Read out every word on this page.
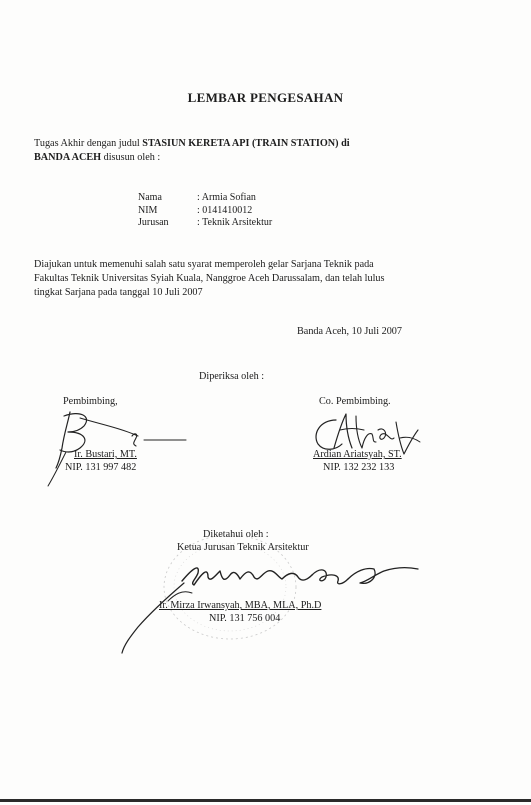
LEMBAR PENGESAHAN
Tugas Akhir dengan judul STASIUN KERETA API (TRAIN STATION) di
BANDA ACEH disusun oleh :
Nama	: Armia Sofian
NIM	: 0141410012
Jurusan	: Teknik Arsitektur
Diajukan untuk memenuhi salah satu syarat memperoleh gelar Sarjana Teknik pada
Fakultas Teknik Universitas Syiah Kuala, Nanggroe Aceh Darussalam, dan telah lulus
tingkat Sarjana pada tanggal 10 Juli 2007
Banda Aceh, 10 Juli 2007
Diperiksa oleh :
Pembimbing,
Ir. Bustari, MT.
NIP. 131 997 482
Co. Pembimbing.
Ardian Ariatsyah, ST.
NIP. 132 232 133
Diketahui oleh :
Ketua Jurusan Teknik Arsitektur
Ir. Mirza Irwansyah, MBA, MLA, Ph.D
NIP. 131 756 004
